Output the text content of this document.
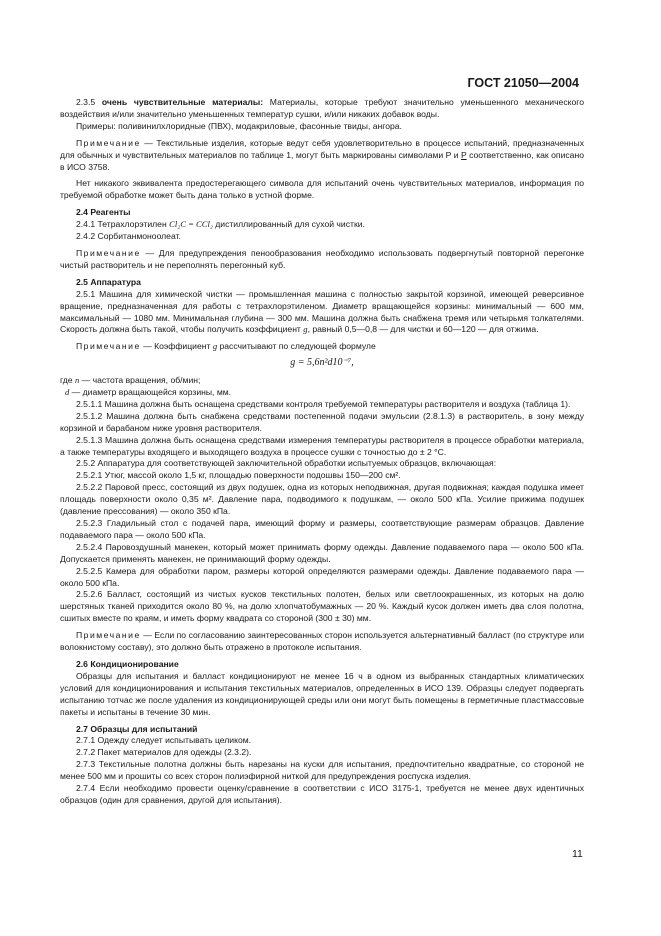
ГОСТ 21050—2004

2.3.5 очень чувствительные материалы: Материалы, которые требуют значительно уменьшенного механического воздействия и/или значительно уменьшенных температур сушки, и/или никаких добавок воды.

Примеры: поливинилхлоридные (ПВХ), модакриловые, фасонные твиды, ангора.

Примечание — Текстильные изделия, которые ведут себя удовлетворительно в процессе испытаний, предназначенных для обычных и чувствительных материалов по таблице 1, могут быть маркированы символами P и P соответственно, как описано в ИСО 3758.

Нет никакого эквивалента предостерегающего символа для испытаний очень чувствительных материалов, информация по требуемой обработке может быть дана только в устной форме.

2.4 Реагенты

2.4.1 Тетрахлорэтилен Cl₂C = CCl₂ дистиллированный для сухой чистки.

2.4.2 Сорбитанмоноолеат.

Примечание — Для предупреждения пенообразования необходимо использовать подвергнутый повторной перегонке чистый растворитель и не переполнять перегонный куб.

2.5 Аппаратура

2.5.1 Машина для химической чистки — промышленная машина с полностью закрытой корзиной, имеющей реверсивное вращение, предназначенная для работы с тетрахлорэтиленом. Диаметр вращающейся корзины: минимальный — 600 мм, максимальный — 1080 мм. Минимальная глубина — 300 мм. Машина должна быть снабжена тремя или четырьмя толкателями. Скорость должна быть такой, чтобы получить коэффициент g, равный 0,5—0,8 — для чистки и 60—120 — для отжима.

Примечание — Коэффициент g рассчитывают по следующей формуле

g = 5,6n²d10⁻⁷,

где n — частота вращения, об/мин;

d — диаметр вращающейся корзины, мм.

2.5.1.1 Машина должна быть оснащена средствами контроля требуемой температуры растворителя и воздуха (таблица 1).

2.5.1.2 Машина должна быть снабжена средствами постепенной подачи эмульсии (2.8.1.3) в растворитель, в зону между корзиной и барабаном ниже уровня растворителя.

2.5.1.3 Машина должна быть оснащена средствами измерения температуры растворителя в процессе обработки материала, а также температуры входящего и выходящего воздуха в процессе сушки с точностью до ± 2 °С.

2.5.2 Аппаратура для соответствующей заключительной обработки испытуемых образцов, включающая:

2.5.2.1 Утюг, массой около 1,5 кг, площадью поверхности подошвы 150—200 см².

2.5.2.2 Паровой пресс, состоящий из двух подушек, одна из которых неподвижная, другая подвижная; каждая подушка имеет площадь поверхности около 0,35 м². Давление пара, подводимого к подушкам, — около 500 кПа. Усилие прижима подушек (давление прессования) — около 350 кПа.

2.5.2.3 Гладильный стол с подачей пара, имеющий форму и размеры, соответствующие размерам образцов. Давление подаваемого пара — около 500 кПа.

2.5.2.4 Паровоздушный манекен, который может принимать форму одежды. Давление подаваемого пара — около 500 кПа. Допускается применять манекен, не принимающий форму одежды.

2.5.2.5 Камера для обработки паром, размеры которой определяются размерами одежды. Давление подаваемого пара — около 500 кПа.

2.5.2.6 Балласт, состоящий из чистых кусков текстильных полотен, белых или светлоокрашенных, из которых на долю шерстяных тканей приходится около 80 %, на долю хлопчатобумажных — 20 %. Каждый кусок должен иметь два слоя полотна, сшитых вместе по краям, и иметь форму квадрата со стороной (300 ± 30) мм.

Примечание — Если по согласованию заинтересованных сторон используется альтернативный балласт (по структуре или волокнистому составу), это должно быть отражено в протоколе испытания.

2.6 Кондиционирование

Образцы для испытания и балласт кондиционируют не менее 16 ч в одном из выбранных стандартных климатических условий для кондиционирования и испытания текстильных материалов, определенных в ИСО 139. Образцы следует подвергать испытанию тотчас же после удаления из кондиционирующей среды или они могут быть помещены в герметичные пластмассовые пакеты и испытаны в течение 30 мин.

2.7 Образцы для испытаний

2.7.1 Одежду следует испытывать целиком.

2.7.2 Пакет материалов для одежды (2.3.2).

2.7.3 Текстильные полотна должны быть нарезаны на куски для испытания, предпочтительно квадратные, со стороной не менее 500 мм и прошиты со всех сторон полиэфирной ниткой для предупреждения роспуска изделия.

2.7.4 Если необходимо провести оценку/сравнение в соответствии с ИСО 3175-1, требуется не менее двух идентичных образцов (один для сравнения, другой для испытания).

11
